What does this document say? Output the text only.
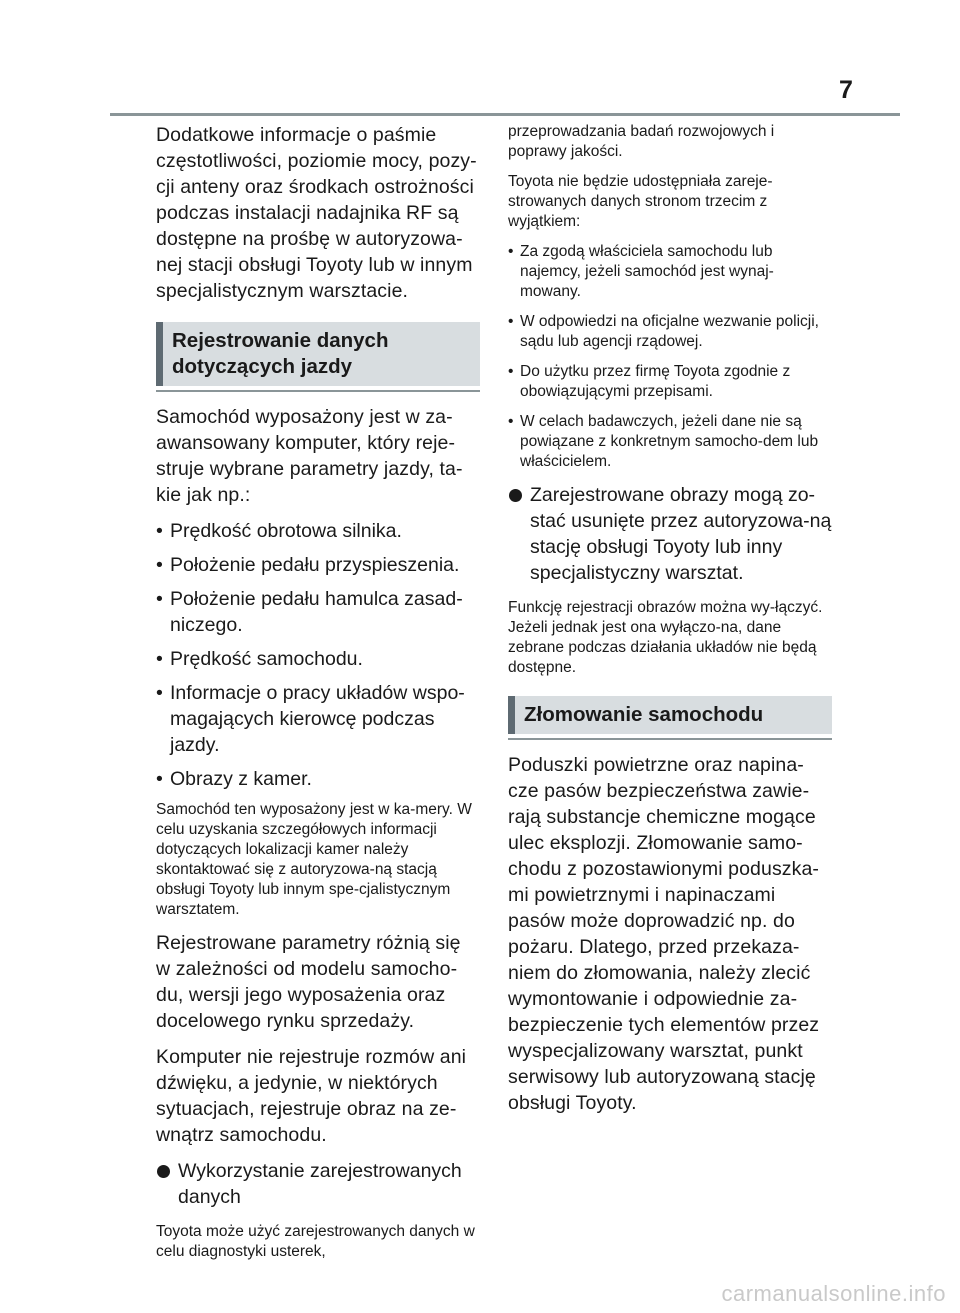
7

Dodatkowe informacje o paśmie częstotliwości, poziomie mocy, pozy-cji anteny oraz środkach ostrożności podczas instalacji nadajnika RF są dostępne na prośbę w autoryzowa-nej stacji obsługi Toyoty lub w innym specjalistycznym warsztacie.

Rejestrowanie danych dotyczących jazdy

Samochód wyposażony jest w za-awansowany komputer, który reje-struje wybrane parametry jazdy, ta-kie jak np.:

• Prędkość obrotowa silnika.
• Położenie pedału przyspieszenia.
• Położenie pedału hamulca zasad-niczego.
• Prędkość samochodu.
• Informacje o pracy układów wspo-magających kierowcę podczas jazdy.
• Obrazy z kamer.

Samochód ten wyposażony jest w ka-mery. W celu uzyskania szczegółowych informacji dotyczących lokalizacji kamer należy skontaktować się z autoryzowa-ną stacją obsługi Toyoty lub innym spe-cjalistycznym warsztatem.

Rejestrowane parametry różnią się w zależności od modelu samocho-du, wersji jego wyposażenia oraz docelowego rynku sprzedaży.

Komputer nie rejestruje rozmów ani dźwięku, a jedynie, w niektórych sytuacjach, rejestruje obraz na ze-wnątrz samochodu.

Wykorzystanie zarejestrowanych danych

Toyota może użyć zarejestrowanych danych w celu diagnostyki usterek,

przeprowadzania badań rozwojowych i poprawy jakości.

Toyota nie będzie udostępniała zareje-strowanych danych stronom trzecim z wyjątkiem:

• Za zgodą właściciela samochodu lub najemcy, jeżeli samochód jest wynaj-mowany.
• W odpowiedzi na oficjalne wezwanie policji, sądu lub agencji rządowej.
• Do użytku przez firmę Toyota zgodnie z obowiązującymi przepisami.
• W celach badawczych, jeżeli dane nie są powiązane z konkretnym samocho-dem lub właścicielem.
Zarejestrowane obrazy mogą zo-stać usunięte przez autoryzowa-ną stację obsługi Toyoty lub inny specjalistyczny warsztat.

Funkcję rejestracji obrazów można wy-łączyć. Jeżeli jednak jest ona wyłączo-na, dane zebrane podczas działania układów nie będą dostępne.

Złomowanie samochodu

Poduszki powietrzne oraz napina-cze pasów bezpieczeństwa zawie-rają substancje chemiczne mogące ulec eksplozji. Złomowanie samo-chodu z pozostawionymi poduszka-mi powietrznymi i napinaczami pasów może doprowadzić np. do pożaru. Dlatego, przed przekaza-niem do złomowania, należy zlecić wymontowanie i odpowiednie za-bezpieczenie tych elementów przez wyspecjalizowany warsztat, punkt serwisowy lub autoryzowaną stację obsługi Toyoty.

carmanualsonline.info
